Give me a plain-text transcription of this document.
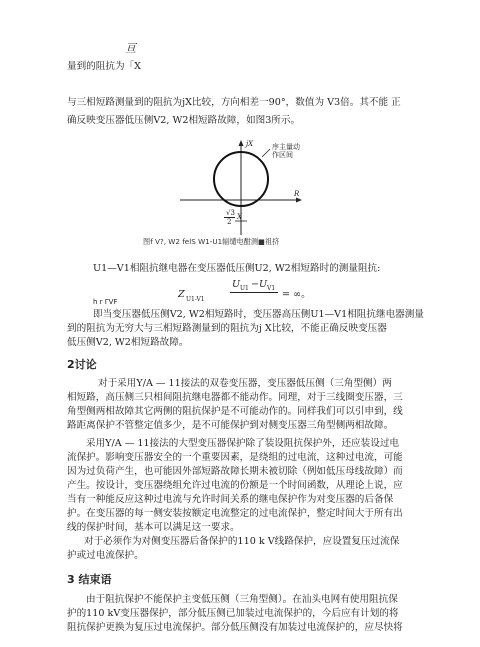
亘
量到的阻抗为「X
与三相短路测量到的阻抗为jX比较，方向相差一90°，数值为 V3倍。其不能 正
确反映变压器低压侧V2, W2相短路故障，如图3所示。
序主量动
作区间
jX
R
√3
2
X
图f V?, W2 felS W1-U1辐缱电酣测■祖挤
U1—V1相阻抗继电器在变压器低压侧U2, W2相短路时的测量阻抗:
Z U1-V1
U U1 − U V1
= ∞。
h r ΓVF
即当变压器低压侧V2, W2相短路时，变压器高压侧U1—V1相阻抗继电器测量
到的阻抗为无穷大与三相短路测量到的阻抗为j X比较，不能正确反映变压器
低压侧V2, W2相短路故障。
2讨论
对于采用Y/A — 11接法的双卷变压器，变压器低压侧（三角型侧）两
相短路，高压侧三只相间阻抗继电器都不能动作。同理，对于三线圈变压器，三
角型侧两相故障其它两侧的阻抗保护是不可能动作的。同样我们可以引申到，线
路距离保护不管整定值多少，是不可能保护到对侧变压器三角型侧两相故障。
采用Y/A — 11接法的大型变压器保护除了装设阻抗保护外，还应装设过电
流保护。影响变压器安全的一个重要因素，是绕组的过电流，这种过电流，可能
因为过负荷产生，也可能因外部短路故障长期未被切除（例如低压母线故障）而
产生。按设计，变压器绕组允许过电流的份额是一个时间函数，从理论上说，应
当有一种能反应这种过电流与允许时间关系的继电保护作为对变压器的后备保
护。在变压器的每一侧安装按额定电流整定的过电流保护，整定时间大于所有出
线的保护时间，基本可以满足这一要求。
对于必须作为对侧变压器后备保护的110 k V线路保护，应设置复压过流保
护或过电流保护。
3 结束语
由于阻抗保护不能保护主变低压侧（三角型侧）。在汕头电网有使用阻抗保
护的110 kV变压器保护，部分低压侧已加装过电流保护的，今后应有计划的将
阻抗保护更换为复压过电流保护。部分低压侧没有加装过电流保护的，应尽快将
